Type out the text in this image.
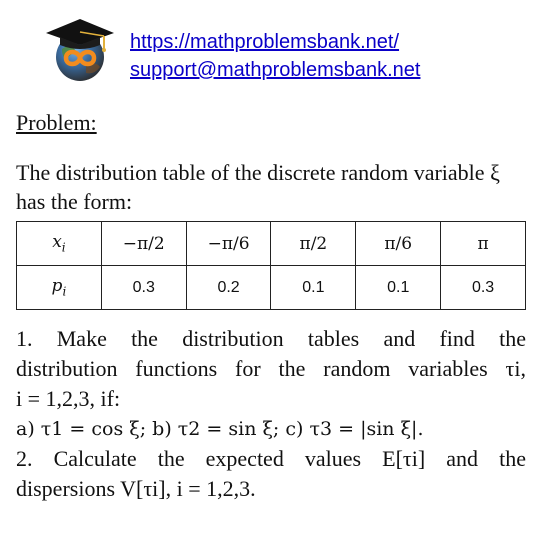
https://mathproblemsbank.net/
support@mathproblemsbank.net
Problem:
The distribution table of the discrete random variable ξ has the form:
$x_i$	−π/2	−π/6	π/2	π/6	π
$p_i$	0.3	0.2	0.1	0.1	0.3

1. Make the distribution tables and find the

distribution functions for the random variables τi,

i = 1,2,3, if:

a) τ1 = cos ξ; b) τ2 = sin ξ; c) τ3 = |sin ξ|.

2. Calculate the expected values E[τi] and the

dispersions V[τi], i = 1,2,3.
